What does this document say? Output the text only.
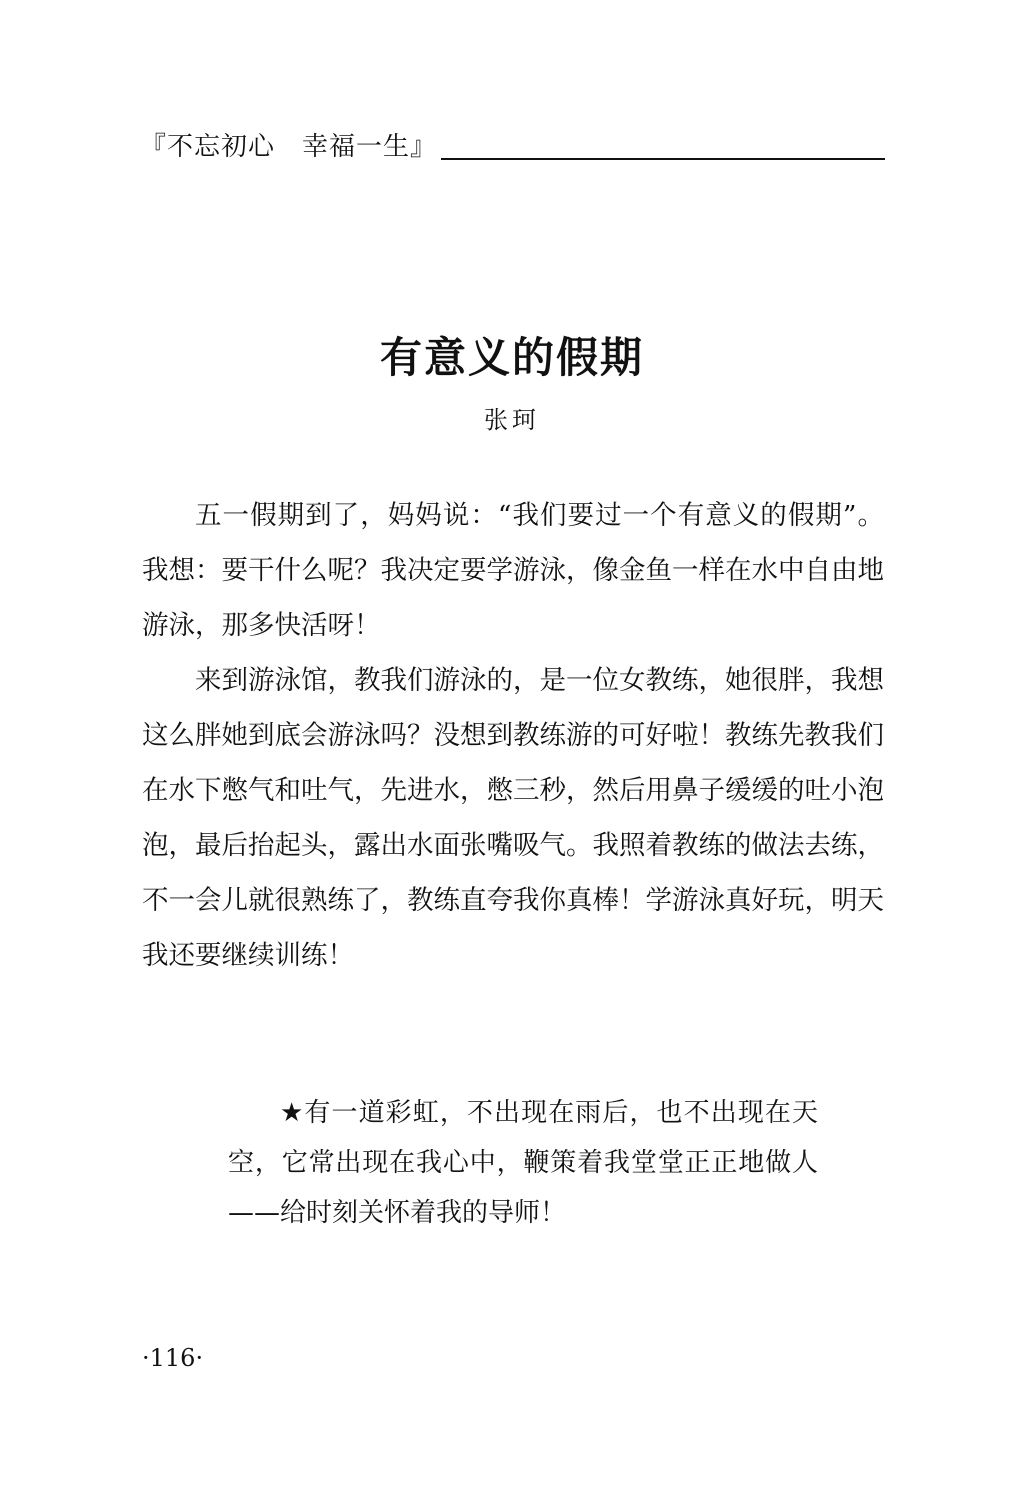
『不忘初心　幸福一生』
有意义的假期
张珂

五一假期到了，妈妈说：“我们要过一个有意义的假期”。我想：要干什么呢？我决定要学游泳，像金鱼一样在水中自由地游泳，那多快活呀！

来到游泳馆，教我们游泳的，是一位女教练，她很胖，我想这么胖她到底会游泳吗？没想到教练游的可好啦！教练先教我们在水下憋气和吐气，先进水，憋三秒，然后用鼻子缓缓的吐小泡泡，最后抬起头，露出水面张嘴吸气。我照着教练的做法去练，不一会儿就很熟练了，教练直夸我你真棒！学游泳真好玩，明天我还要继续训练！

★有一道彩虹，不出现在雨后，也不出现在天空，它常出现在我心中，鞭策着我堂堂正正地做人——给时刻关怀着我的导师！

·116·
